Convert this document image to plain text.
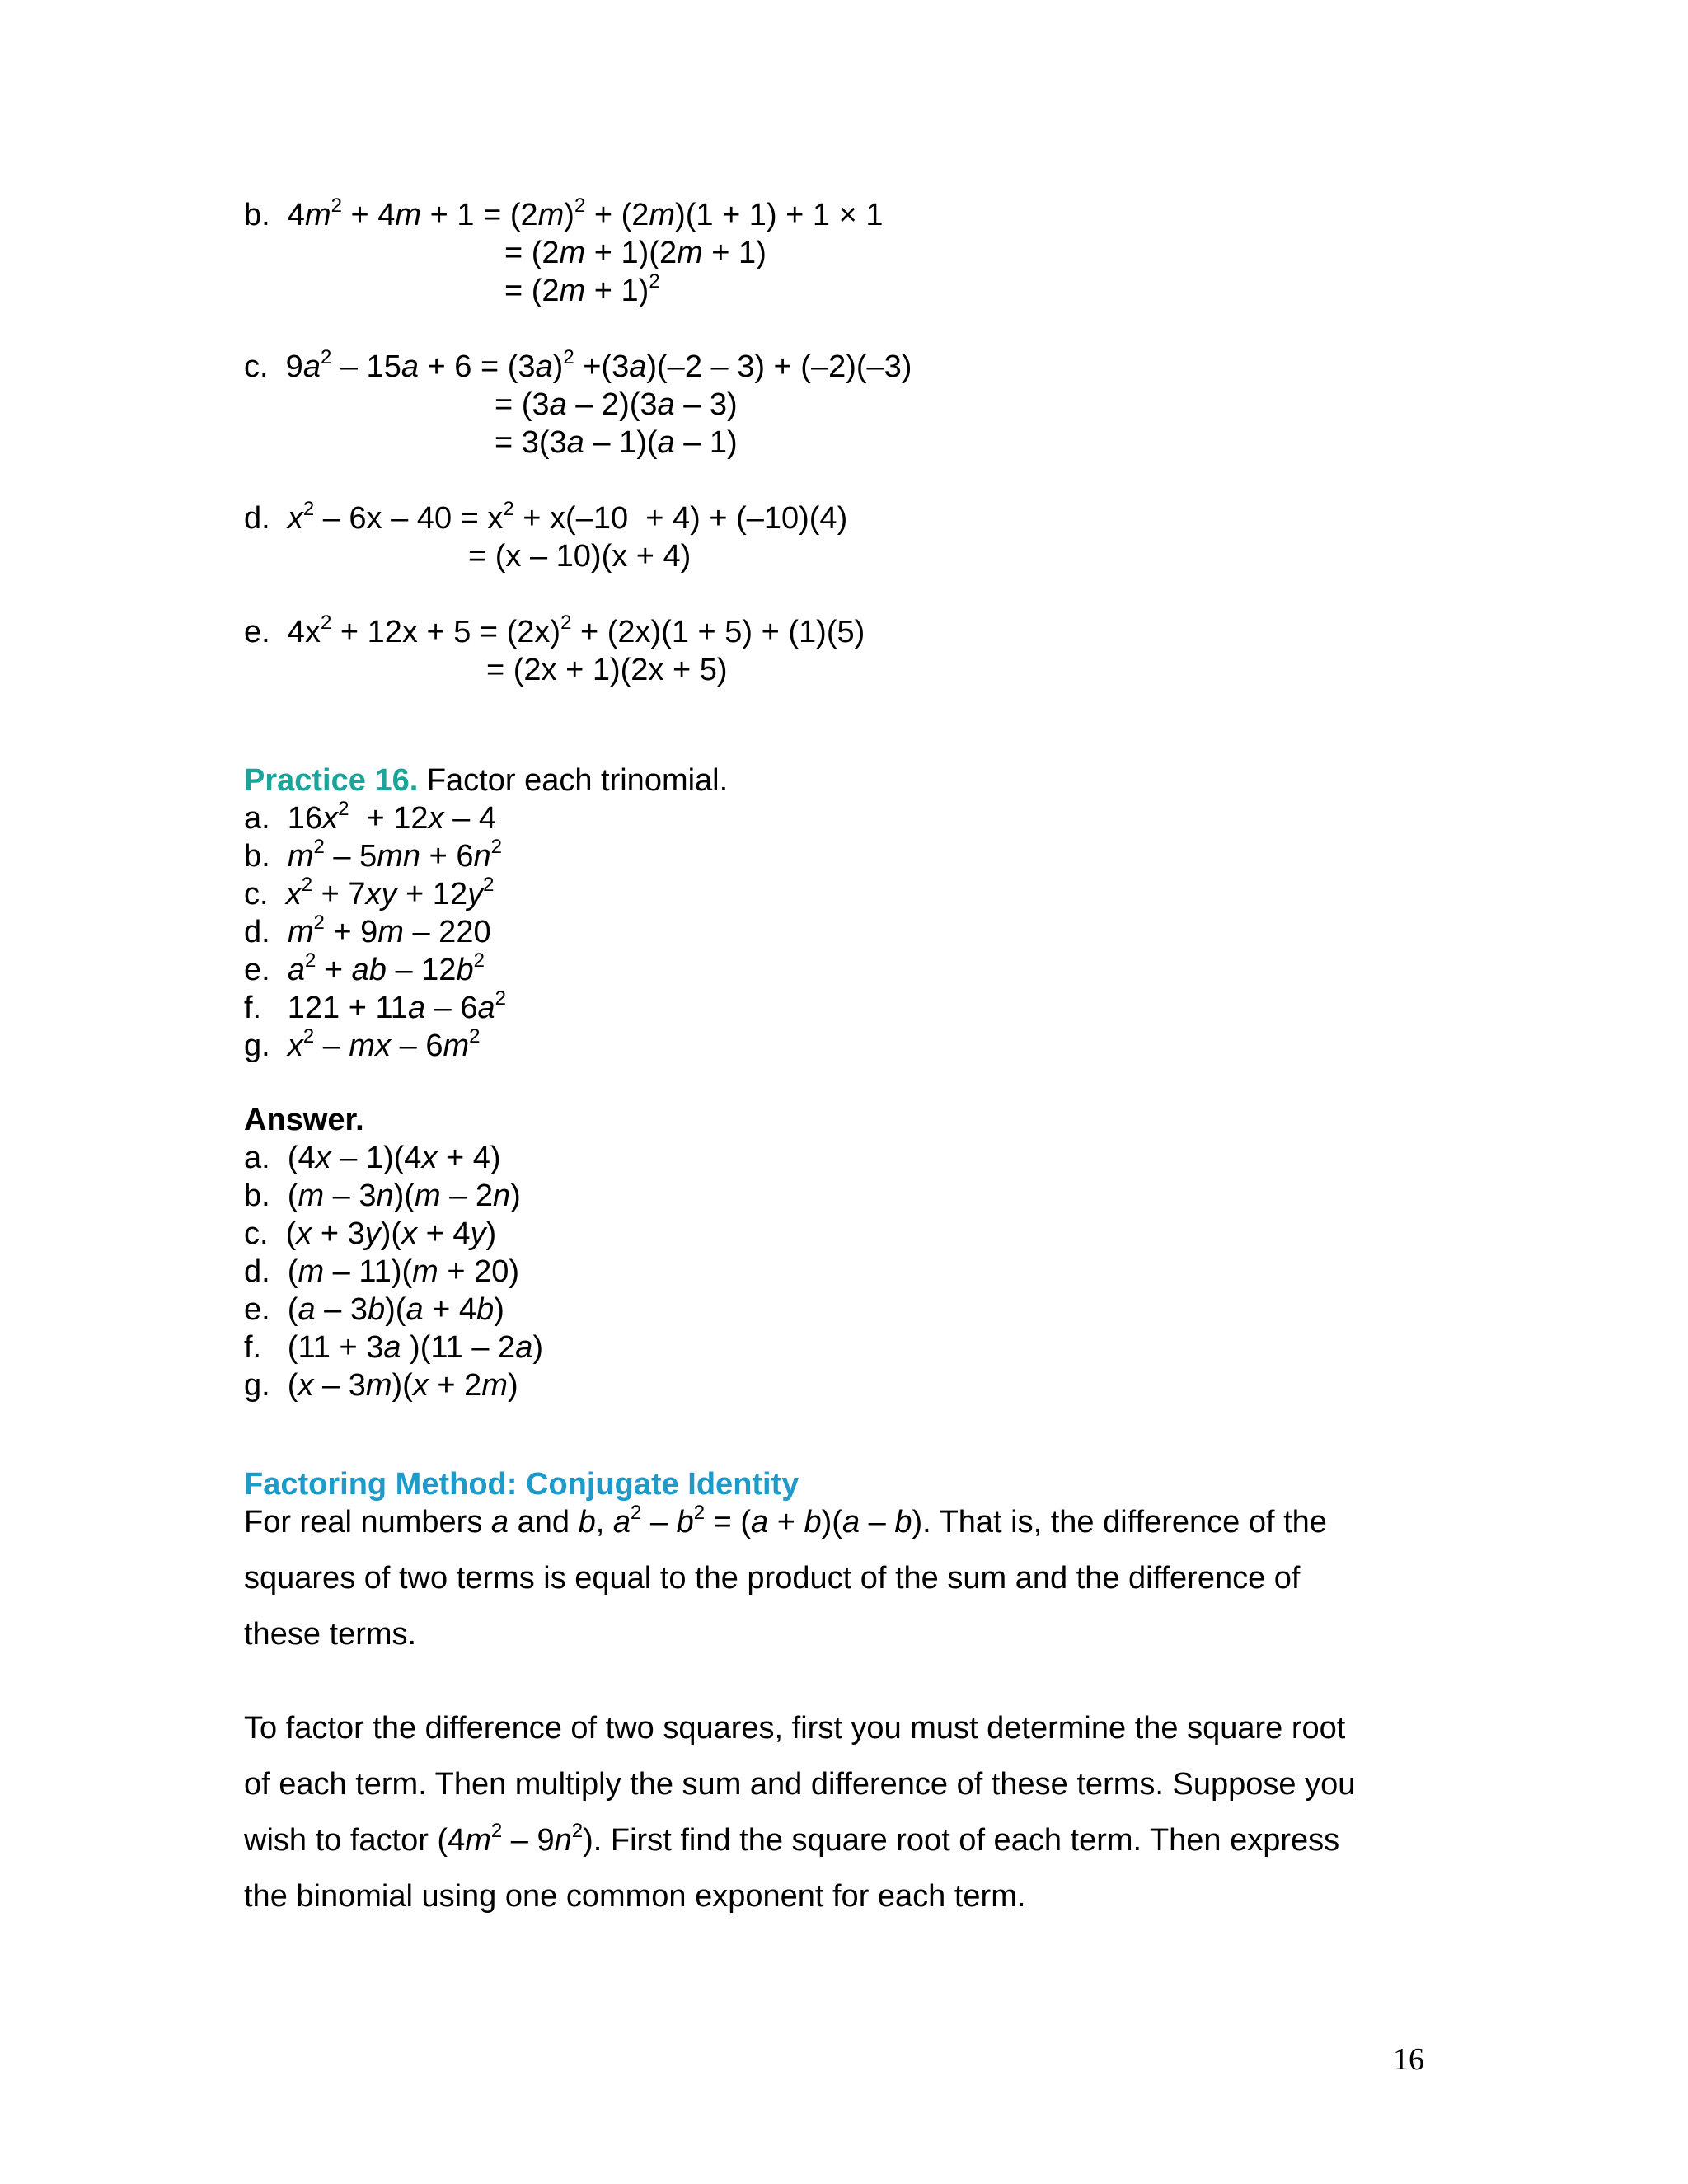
b.  $4m^2 + 4m + 1 = (2m)^2 + (2m)(1 + 1) + 1 \times 1$
= (2m + 1)(2m + 1)
= $(2m + 1)^2$
c.  $9a^2 - 15a + 6 = (3a)^2 +(3a)(-2 - 3) + (-2)(-3)$
= (3a – 2)(3a – 3)
= 3(3a – 1)(a – 1)
d.  $x^2 - 6x - 40 = x^2 + x(-10 + 4) + (-10)(4)$
= (x – 10)(x + 4)
e.  $4x^2 + 12x + 5 = (2x)^2 + (2x)(1 + 5) + (1)(5)$
= (2x + 1)(2x + 5)
Practice 16. Factor each trinomial.
a.  $16x^2 + 12x - 4$
b.  $m^2 - 5mn + 6n^2$
c.  $x^2 + 7xy + 12y^2$
d.  $m^2 + 9m - 220$
e.  $a^2$ + ab – $12b^2$
f.   $121 + 11a - 6a^2$
g.  $x^2$ – mx – $6m^2$
Answer.
a.  (4x – 1)(4x + 4)
b.  (m – 3n)(m – 2n)
c.  (x + 3y)(x + 4y)
d.  (m – 11)(m + 20)
e.  (a – 3b)(a + 4b)
f.   (11 + 3a )(11 – 2a)
g.  (x – 3m)(x + 2m)
Factoring Method: Conjugate Identity
For real numbers a and b, $a^2 - b^2 = (a + b)(a - b)$. That is, the difference of the
squares of two terms is equal to the product of the sum and the difference of
these terms.
To factor the difference of two squares, first you must determine the square root
of each term. Then multiply the sum and difference of these terms. Suppose you
wish to factor $(4m^2 - 9n^2)$. First find the square root of each term. Then express
the binomial using one common exponent for each term.
16
